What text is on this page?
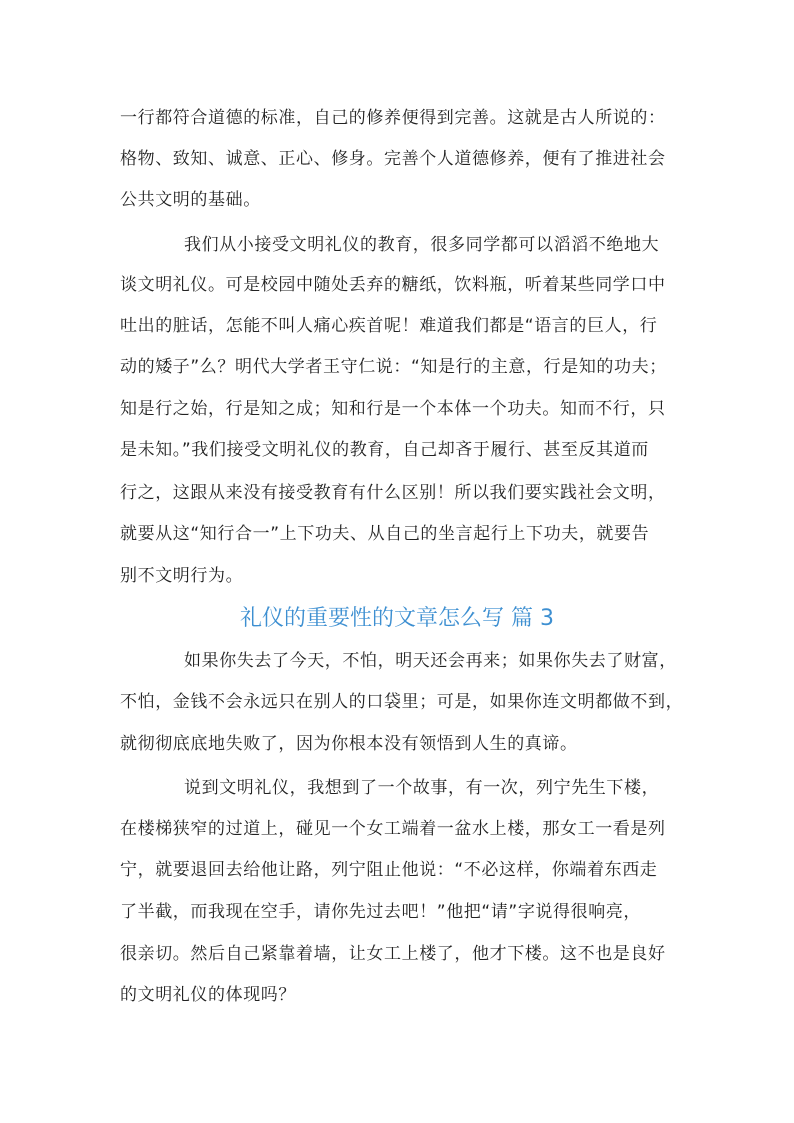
一行都符合道德的标准，自己的修养便得到完善。这就是古人所说的：
格物、致知、诚意、正心、修身。完善个人道德修养，便有了推进社会
公共文明的基础。
我们从小接受文明礼仪的教育，很多同学都可以滔滔不绝地大
谈文明礼仪。可是校园中随处丢弃的糖纸，饮料瓶，听着某些同学口中
吐出的脏话，怎能不叫人痛心疾首呢！难道我们都是“语言的巨人，行
动的矮子”么？明代大学者王守仁说：“知是行的主意，行是知的功夫；
知是行之始，行是知之成；知和行是一个本体一个功夫。知而不行，只
是未知。”我们接受文明礼仪的教育，自己却吝于履行、甚至反其道而
行之，这跟从来没有接受教育有什么区别！所以我们要实践社会文明，
就要从这“知行合一”上下功夫、从自己的坐言起行上下功夫，就要告
别不文明行为。
礼仪的重要性的文章怎么写 篇 3
如果你失去了今天，不怕，明天还会再来；如果你失去了财富，
不怕，金钱不会永远只在别人的口袋里；可是，如果你连文明都做不到，
就彻彻底底地失败了，因为你根本没有领悟到人生的真谛。
说到文明礼仪，我想到了一个故事，有一次，列宁先生下楼，
在楼梯狭窄的过道上，碰见一个女工端着一盆水上楼，那女工一看是列
宁，就要退回去给他让路，列宁阻止他说：“不必这样，你端着东西走
了半截，而我现在空手，请你先过去吧！”他把“请”字说得很响亮，
很亲切。然后自己紧靠着墙，让女工上楼了，他才下楼。这不也是良好
的文明礼仪的体现吗？
